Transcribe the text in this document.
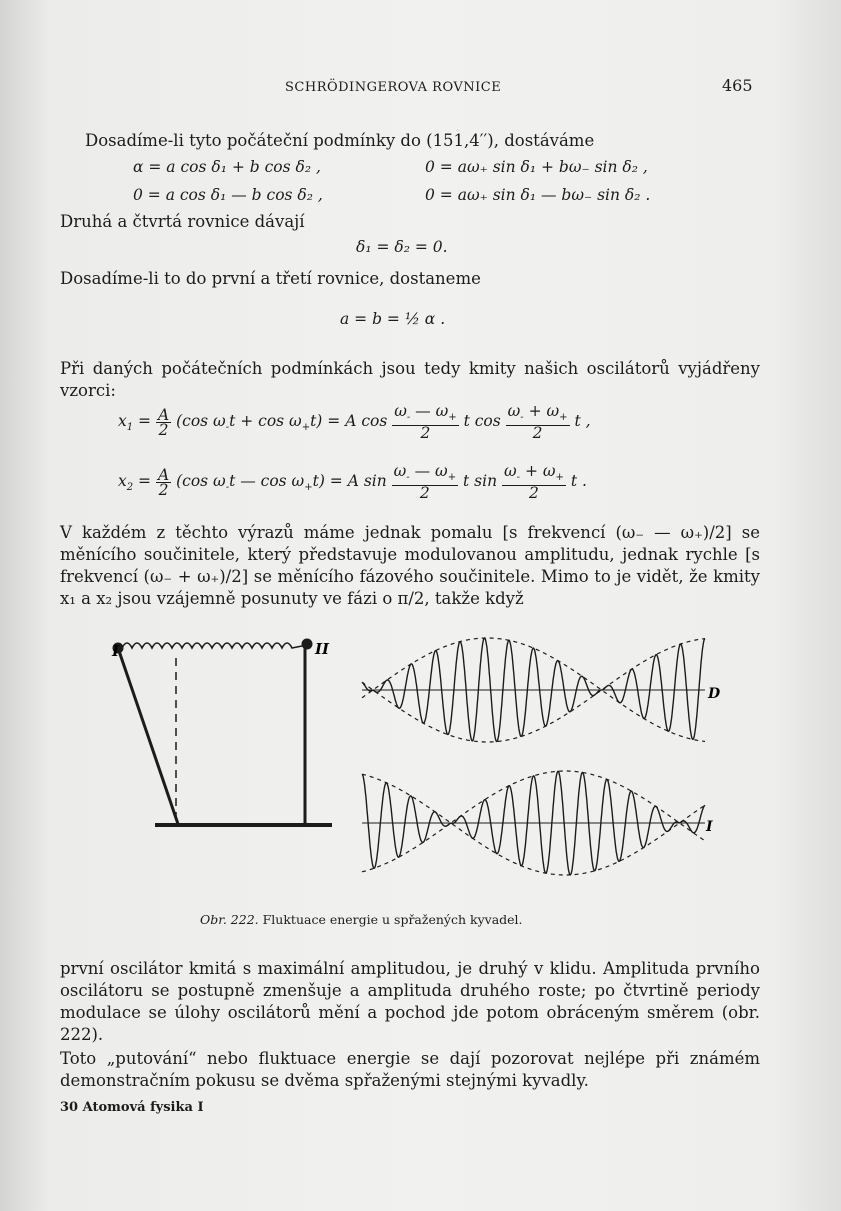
SCHRÖDINGEROVA ROVNICE	465
Dosadíme-li tyto počáteční podmínky do (151,4′′), dostáváme
α = a cos δ₁ + b cos δ₂ ,	0 = aω₊ sin δ₁ + bω₋ sin δ₂ ,
0 = a cos δ₁ — b cos δ₂ ,	0 = aω₊ sin δ₁ — bω₋ sin δ₂ .
Druhá a čtvrtá rovnice dávají
δ₁ = δ₂ = 0.
Dosadíme-li to do první a třetí rovnice, dostaneme
a = b = ½ α .
Při daných počátečních podmínkách jsou tedy kmity našich oscilátorů vyjádřeny vzorci:
$x_1 = \frac{A}{2} (\cos$ $\omega_-t + \cos \omega_+t) = A$ $\cos \frac{\omega_- — \omega_+}{2}$ t $\cos \frac{\omega_- + \omega_+}{2}$ t ,
$x_2 = \frac{A}{2} (\cos$ $\omega_-t$ — $\cos \omega_+t) = A$ $\sin \frac{\omega_- — \omega_+}{2}$ t $\sin \frac{\omega_- + \omega_+}{2}$ t .
V každém z těchto výrazů máme jednak pomalu [s frekvencí (ω₋ — ω₊)/2] se měnícího součinitele, který představuje modulovanou amplitudu, jednak rychle [s frekvencí (ω₋ + ω₊)/2] se měnícího fázového součinitele. Mimo to je vidět, že kmity x₁ a x₂ jsou vzájemně posunuty ve fázi o π/2, takže když
I	II
D
I
Obr. 222. Fluktuace energie u spřažených kyvadel.
první oscilátor kmitá s maximální amplitudou, je druhý v klidu. Amplituda prvního oscilátoru se postupně zmenšuje a amplituda druhého roste; po čtvrtině periody modulace se úlohy oscilátorů mění a pochod jde potom obráceným směrem (obr. 222).
Toto „putování“ nebo fluktuace energie se dají pozorovat nejlépe při známém demonstračním pokusu se dvěma spřaženými stejnými kyvadly.
30 Atomová fysika I
